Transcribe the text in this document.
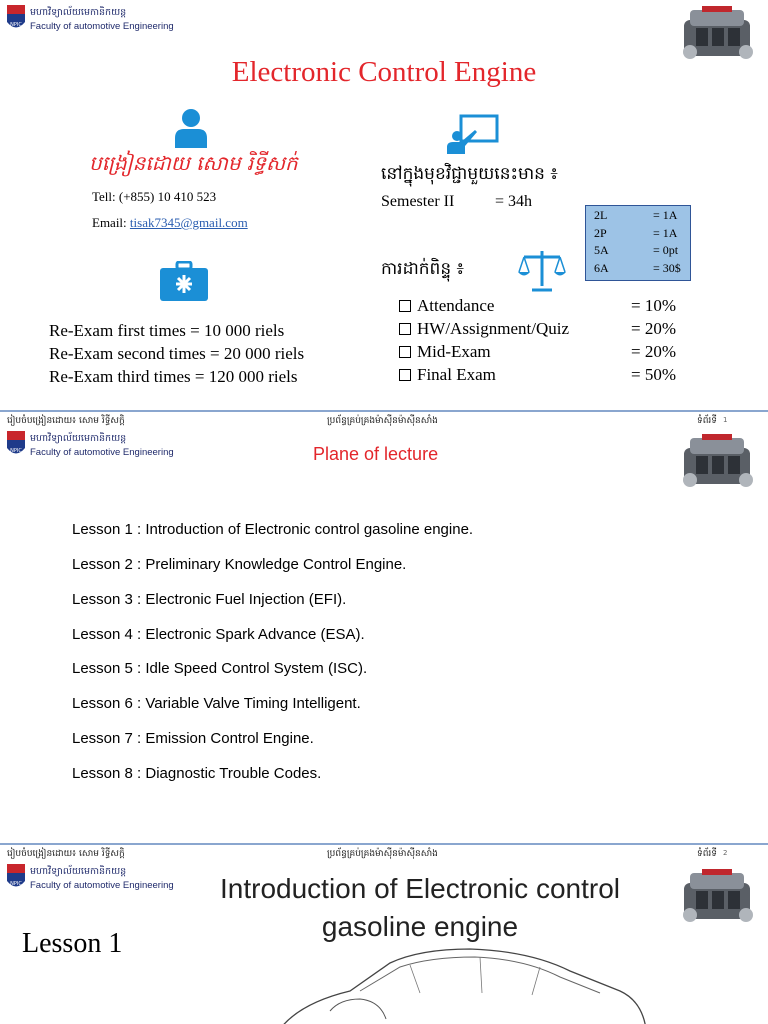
NPIC
មហាវិទ្យាល័យមេកានិកយន្ត
Faculty of automotive Engineering
Electronic Control Engine
បង្រៀនដោយ សោម រិទ្ធីសក់
Tell: (+855) 10 410 523
Email: tisak7345@gmail.com
Re-Exam first times = 10 000 riels
Re-Exam second times = 20 000 riels
Re-Exam third times = 120 000 riels
នៅក្នុងមុខវិជ្ជាមួយនេះមាន ៖
Semester II	= 34h
2L	= 1A
2P	= 1A
5A	= 0pt
6A	= 30$
ការដាក់ពិន្ទុ ៖
Attendance	= 10%
HW/Assignment/Quiz	= 20%
Mid-Exam	= 20%
Final Exam	= 50%
រៀបចំបង្រៀនដោយ៖ សោម រិទ្ធីសក្តិ	ប្រព័ន្ធគ្រប់គ្រងម៉ាស៊ីនម៉ាស៊ីនសាំង	ទំព័រទី 1
NPIC
មហាវិទ្យាល័យមេកានិកយន្ត
Faculty of automotive Engineering	Plane of lecture
Lesson 1 : Introduction of Electronic control gasoline engine.
Lesson 2 : Preliminary Knowledge Control Engine.
Lesson 3 : Electronic Fuel Injection (EFI).
Lesson 4 : Electronic Spark Advance (ESA).
Lesson 5 : Idle Speed Control System (ISC).
Lesson 6 : Variable Valve Timing Intelligent.
Lesson 7 : Emission Control Engine.
Lesson 8 : Diagnostic Trouble Codes.
រៀបចំបង្រៀនដោយ៖ សោម រិទ្ធីសក្តិ	ប្រព័ន្ធគ្រប់គ្រងម៉ាស៊ីនម៉ាស៊ីនសាំង	ទំព័រទី 2
NPIC
មហាវិទ្យាល័យមេកានិកយន្ត
Faculty of automotive Engineering	Introduction of Electronic control
gasoline engine
Lesson 1
